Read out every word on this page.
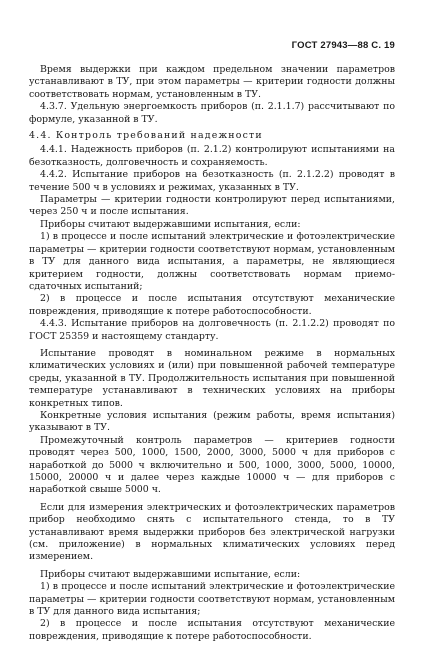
ГОСТ 27943—88 С. 19

Время выдержки при каждом предельном значении параметров устанавливают в ТУ, при этом параметры — критерии годности должны соответствовать нормам, установленным в ТУ.

4.3.7. Удельную энергоемкость приборов (п. 2.1.1.7) рассчитывают по формуле, указанной в ТУ.

4.4. Контроль требований надежности

4.4.1. Надежность приборов (п. 2.1.2) контролируют испытаниями на безотказность, долговечность и сохраняемость.

4.4.2. Испытание приборов на безотказность (п. 2.1.2.2) проводят в течение 500 ч в условиях и режимах, указанных в ТУ.

Параметры — критерии годности контролируют перед испытаниями, через 250 ч и после испытания.

Приборы считают выдержавшими испытания, если:

1) в процессе и после испытаний электрические и фотоэлектрические параметры — критерии годности соответствуют нормам, установленным в ТУ для данного вида испытания, а параметры, не являющиеся критерием годности, должны соответствовать нормам приемо-сдаточных испытаний;

2) в процессе и после испытания отсутствуют механические повреждения, приводящие к потере работоспособности.

4.4.3. Испытание приборов на долговечность (п. 2.1.2.2) проводят по ГОСТ 25359 и настоящему стандарту.

Испытание проводят в номинальном режиме в нормальных климатических условиях и (или) при повышенной рабочей температуре среды, указанной в ТУ. Продолжительность испытания при повышенной температуре устанавливают в технических условиях на приборы конкретных типов.

Конкретные условия испытания (режим работы, время испытания) указывают в ТУ.

Промежуточный контроль параметров — критериев годности проводят через 500, 1000, 1500, 2000, 3000, 5000 ч для приборов с наработкой до 5000 ч включительно и 500, 1000, 3000, 5000, 10000, 15000, 20000 ч и далее через каждые 10000 ч — для приборов с наработкой свыше 5000 ч.

Если для измерения электрических и фотоэлектрических параметров прибор необходимо снять с испытательного стенда, то в ТУ устанавливают время выдержки приборов без электрической нагрузки (см. приложение) в нормальных климатических условиях перед измерением.

Приборы считают выдержавшими испытание, если:

1) в процессе и после испытаний электрические и фотоэлектрические параметры — критерии годности соответствуют нормам, установленным в ТУ для данного вида испытания;

2) в процессе и после испытания отсутствуют механические повреждения, приводящие к потере работоспособности.
